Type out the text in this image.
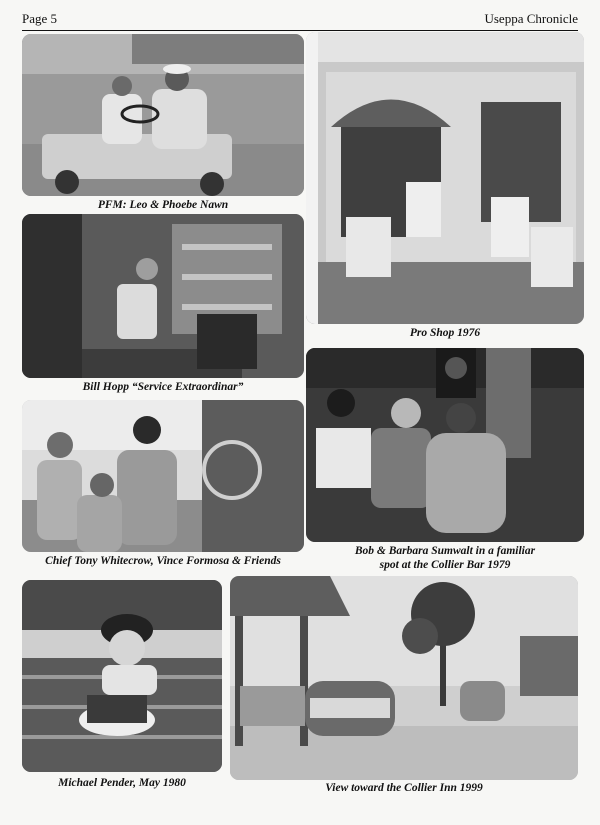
Page 5	Useppa Chronicle
PFM: Leo & Phoebe Nawn
Pro Shop 1976
Bill Hopp “Service Extraordinar”
Bob & Barbara Sumwalt in a familiar
spot at the Collier Bar 1979
Chief Tony Whitecrow, Vince Formosa & Friends
Michael Pender, May 1980	View toward the Collier Inn 1999
